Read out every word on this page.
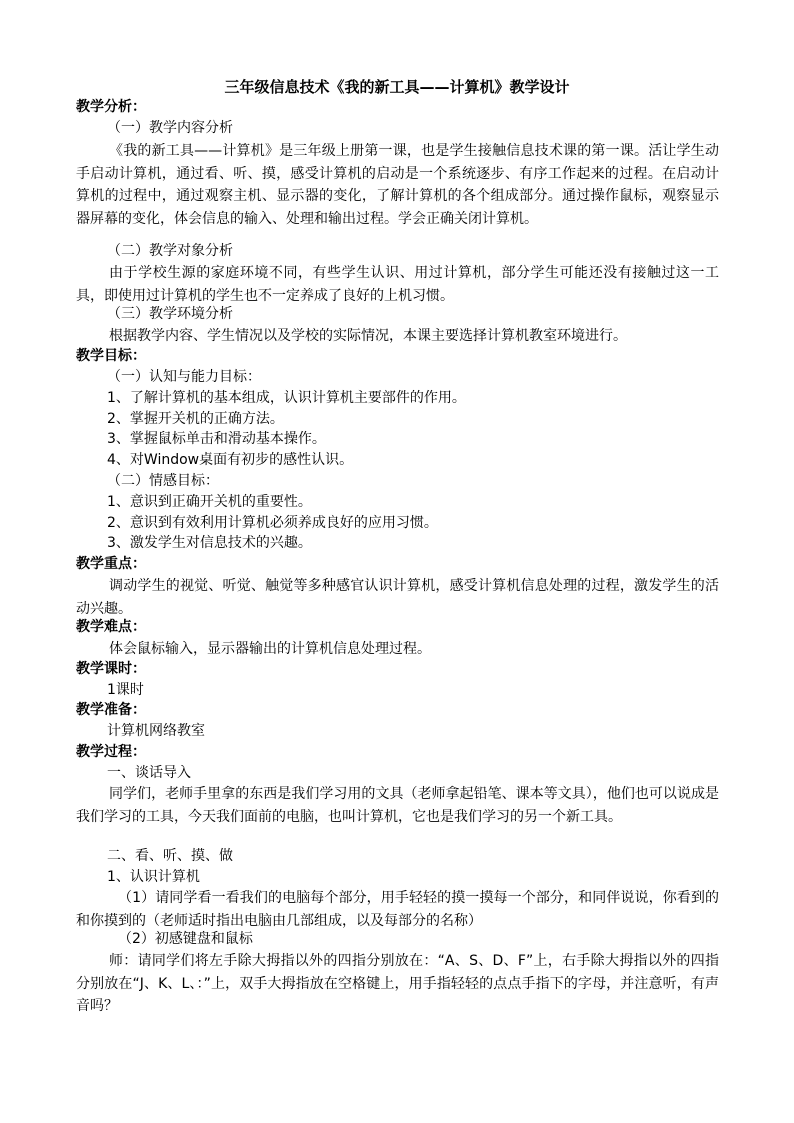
三年级信息技术《我的新工具——计算机》教学设计
教学分析：
（一）教学内容分析

《我的新工具——计算机》是三年级上册第一课，也是学生接触信息技术课的第一课。活让学生动手启动计算机，通过看、听、摸，感受计算机的启动是一个系统逐步、有序工作起来的过程。在启动计算机的过程中，通过观察主机、显示器的变化，了解计算机的各个组成部分。通过操作鼠标，观察显示器屏幕的变化，体会信息的输入、处理和输出过程。学会正确关闭计算机。

（二）教学对象分析

由于学校生源的家庭环境不同，有些学生认识、用过计算机，部分学生可能还没有接触过这一工具，即使用过计算机的学生也不一定养成了良好的上机习惯。

（三）教学环境分析

根据教学内容、学生情况以及学校的实际情况，本课主要选择计算机教室环境进行。

教学目标：
（一）认知与能力目标：
1、了解计算机的基本组成，认识计算机主要部件的作用。
2、掌握开关机的正确方法。
3、掌握鼠标单击和滑动基本操作。
4、对Window桌面有初步的感性认识。
（二）情感目标：
1、意识到正确开关机的重要性。
2、意识到有效利用计算机必须养成良好的应用习惯。
3、激发学生对信息技术的兴趣。
教学重点：

调动学生的视觉、听觉、触觉等多种感官认识计算机，感受计算机信息处理的过程，激发学生的活动兴趣。

教学难点：

体会鼠标输入，显示器输出的计算机信息处理过程。

教学课时：
1课时
教学准备：
计算机网络教室
教学过程：
一、谈话导入

同学们，老师手里拿的东西是我们学习用的文具（老师拿起铅笔、课本等文具），他们也可以说成是我们学习的工具，今天我们面前的电脑，也叫计算机，它也是我们学习的另一个新工具。

二、看、听、摸、做
1、认识计算机

（1）请同学看一看我们的电脑每个部分，用手轻轻的摸一摸每一个部分，和同伴说说，你看到的和你摸到的（老师适时指出电脑由几部组成，以及每部分的名称）

（2）初感键盘和鼠标

师：请同学们将左手除大拇指以外的四指分别放在：“A、S、D、F”上，右手除大拇指以外的四指分别放在“J、K、L、：”上，双手大拇指放在空格键上，用手指轻轻的点点手指下的字母，并注意听，有声音吗？
